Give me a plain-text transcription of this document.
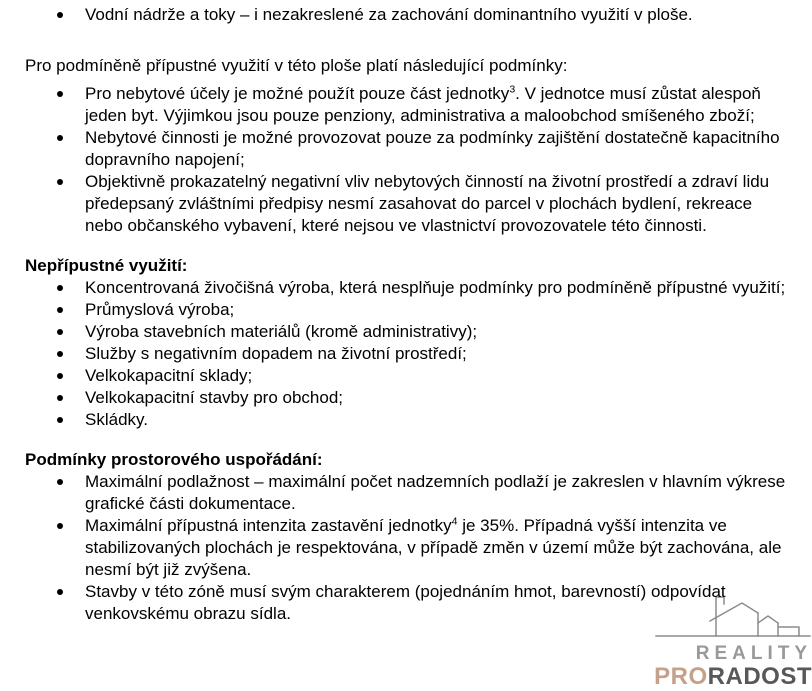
REALITY
PRORADOST
Vodní nádrže a toky – i nezakreslené za zachování dominantního využití v ploše.

Pro podmíněně přípustné využití v této ploše platí následující podmínky:

Pro nebytové účely je možné použít pouze část jednotky$^3$. V jednotce musí zůstat alespoň jeden byt. Výjimkou jsou pouze penziony, administrativa a maloobchod smíšeného zboží;
Nebytové činnosti je možné provozovat pouze za podmínky zajištění dostatečně kapacitního dopravního napojení;
Objektivně prokazatelný negativní vliv nebytových činností na životní prostředí a zdraví lidu předepsaný zvláštními předpisy nesmí zasahovat do parcel v plochách bydlení, rekreace nebo občanského vybavení, které nejsou ve vlastnictví provozovatele této činnosti.
Nepřípustné využití:
Koncentrovaná živočišná výroba, která nesplňuje podmínky pro podmíněně přípustné využití;
Průmyslová výroba;
Výroba stavebních materiálů (kromě administrativy);
Služby s negativním dopadem na životní prostředí;
Velkokapacitní sklady;
Velkokapacitní stavby pro obchod;
Skládky.
Podmínky prostorového uspořádání:
Maximální podlažnost – maximální počet nadzemních podlaží je zakreslen v hlavním výkrese grafické části dokumentace.
Maximální přípustná intenzita zastavění jednotky$^4$ je 35%. Případná vyšší intenzita ve stabilizovaných plochách je respektována, v případě změn v území může být zachována, ale nesmí být již zvýšena.
Stavby v této zóně musí svým charakterem (pojednáním hmot, barevností) odpovídat venkovskému obrazu sídla.
